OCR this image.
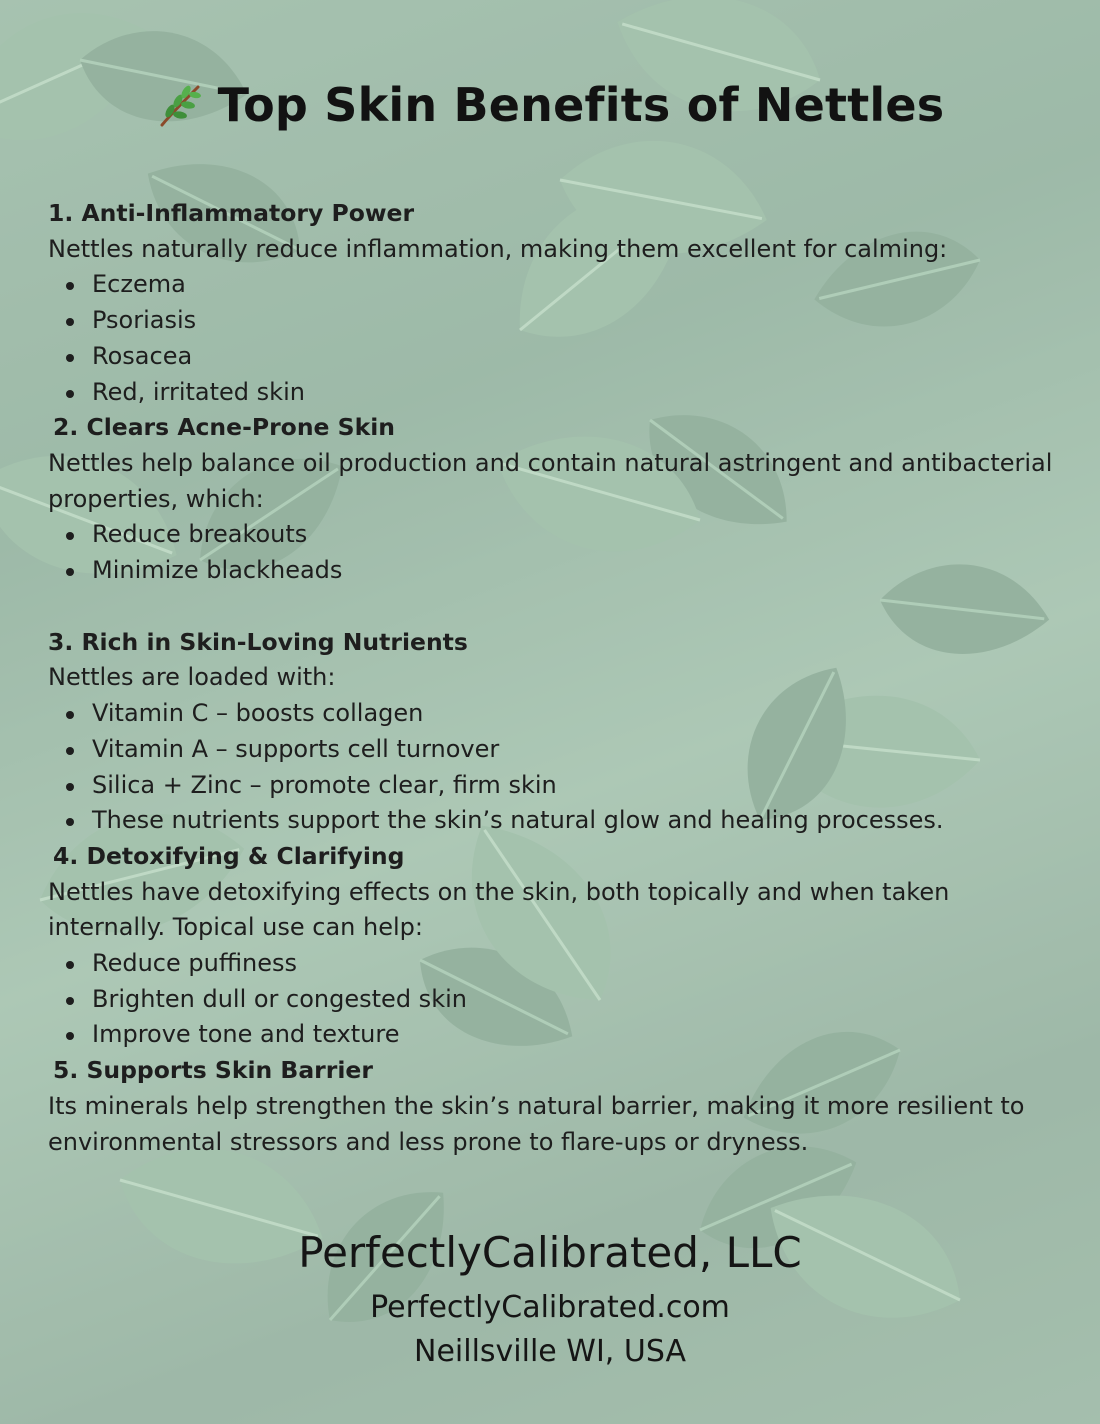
Top Skin Benefits of Nettles
1. Anti-Inflammatory Power
Nettles naturally reduce inflammation, making them excellent for calming:
Eczema
Psoriasis
Rosacea
Red, irritated skin
2. Clears Acne-Prone Skin
Nettles help balance oil production and contain natural astringent and antibacterial properties, which:
Reduce breakouts
Minimize blackheads
3. Rich in Skin-Loving Nutrients
Nettles are loaded with:
Vitamin C – boosts collagen
Vitamin A – supports cell turnover
Silica + Zinc – promote clear, firm skin
These nutrients support the skin’s natural glow and healing processes.
4. Detoxifying & Clarifying
Nettles have detoxifying effects on the skin, both topically and when taken internally. Topical use can help:
Reduce puffiness
Brighten dull or congested skin
Improve tone and texture
5. Supports Skin Barrier
Its minerals help strengthen the skin’s natural barrier, making it more resilient to environmental stressors and less prone to flare-ups or dryness.
PerfectlyCalibrated, LLC
PerfectlyCalibrated.com
Neillsville WI, USA
